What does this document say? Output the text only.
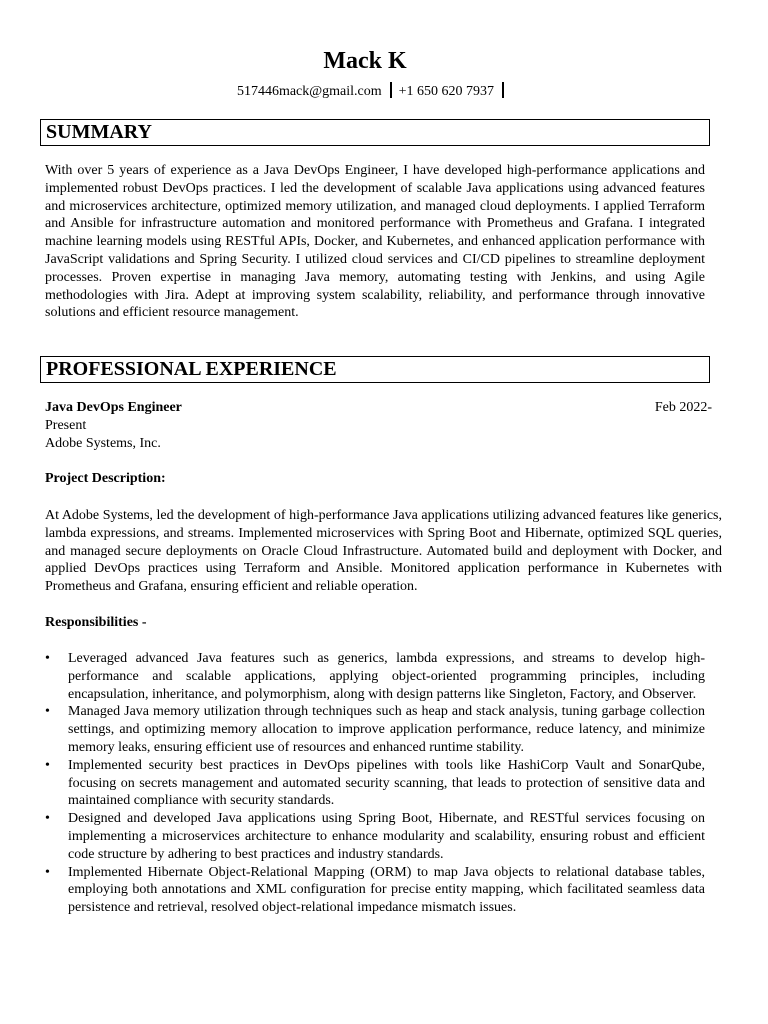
Mack K
517446mack@gmail.com +1 650 620 7937
SUMMARY
With over 5 years of experience as a Java DevOps Engineer, I have developed high-performance applications and implemented robust DevOps practices. I led the development of scalable Java applications using advanced features and microservices architecture, optimized memory utilization, and managed cloud deployments. I applied Terraform and Ansible for infrastructure automation and monitored performance with Prometheus and Grafana. I integrated machine learning models using RESTful APIs, Docker, and Kubernetes, and enhanced application performance with JavaScript validations and Spring Security. I utilized cloud services and CI/CD pipelines to streamline deployment processes. Proven expertise in managing Java memory, automating testing with Jenkins, and using Agile methodologies with Jira. Adept at improving system scalability, reliability, and performance through innovative solutions and efficient resource management.
PROFESSIONAL EXPERIENCE
Java DevOps Engineer	Feb 2022-
Present
Adobe Systems, Inc.
Project Description:
At Adobe Systems, led the development of high-performance Java applications utilizing advanced features like generics, lambda expressions, and streams. Implemented microservices with Spring Boot and Hibernate, optimized SQL queries, and managed secure deployments on Oracle Cloud Infrastructure. Automated build and deployment with Docker, and applied DevOps practices using Terraform and Ansible. Monitored application performance in Kubernetes with Prometheus and Grafana, ensuring efficient and reliable operation.
Responsibilities -
• Leveraged advanced Java features such as generics, lambda expressions, and streams to develop high-performance and scalable applications, applying object-oriented programming principles, including encapsulation, inheritance, and polymorphism, along with design patterns like Singleton, Factory, and Observer.
• Managed Java memory utilization through techniques such as heap and stack analysis, tuning garbage collection settings, and optimizing memory allocation to improve application performance, reduce latency, and minimize memory leaks, ensuring efficient use of resources and enhanced runtime stability.
• Implemented security best practices in DevOps pipelines with tools like HashiCorp Vault and SonarQube, focusing on secrets management and automated security scanning, that leads to protection of sensitive data and maintained compliance with security standards.
• Designed and developed Java applications using Spring Boot, Hibernate, and RESTful services focusing on implementing a microservices architecture to enhance modularity and scalability, ensuring robust and efficient code structure by adhering to best practices and industry standards.
• Implemented Hibernate Object-Relational Mapping (ORM) to map Java objects to relational database tables, employing both annotations and XML configuration for precise entity mapping, which facilitated seamless data persistence and retrieval, resolved object-relational impedance mismatch issues.
